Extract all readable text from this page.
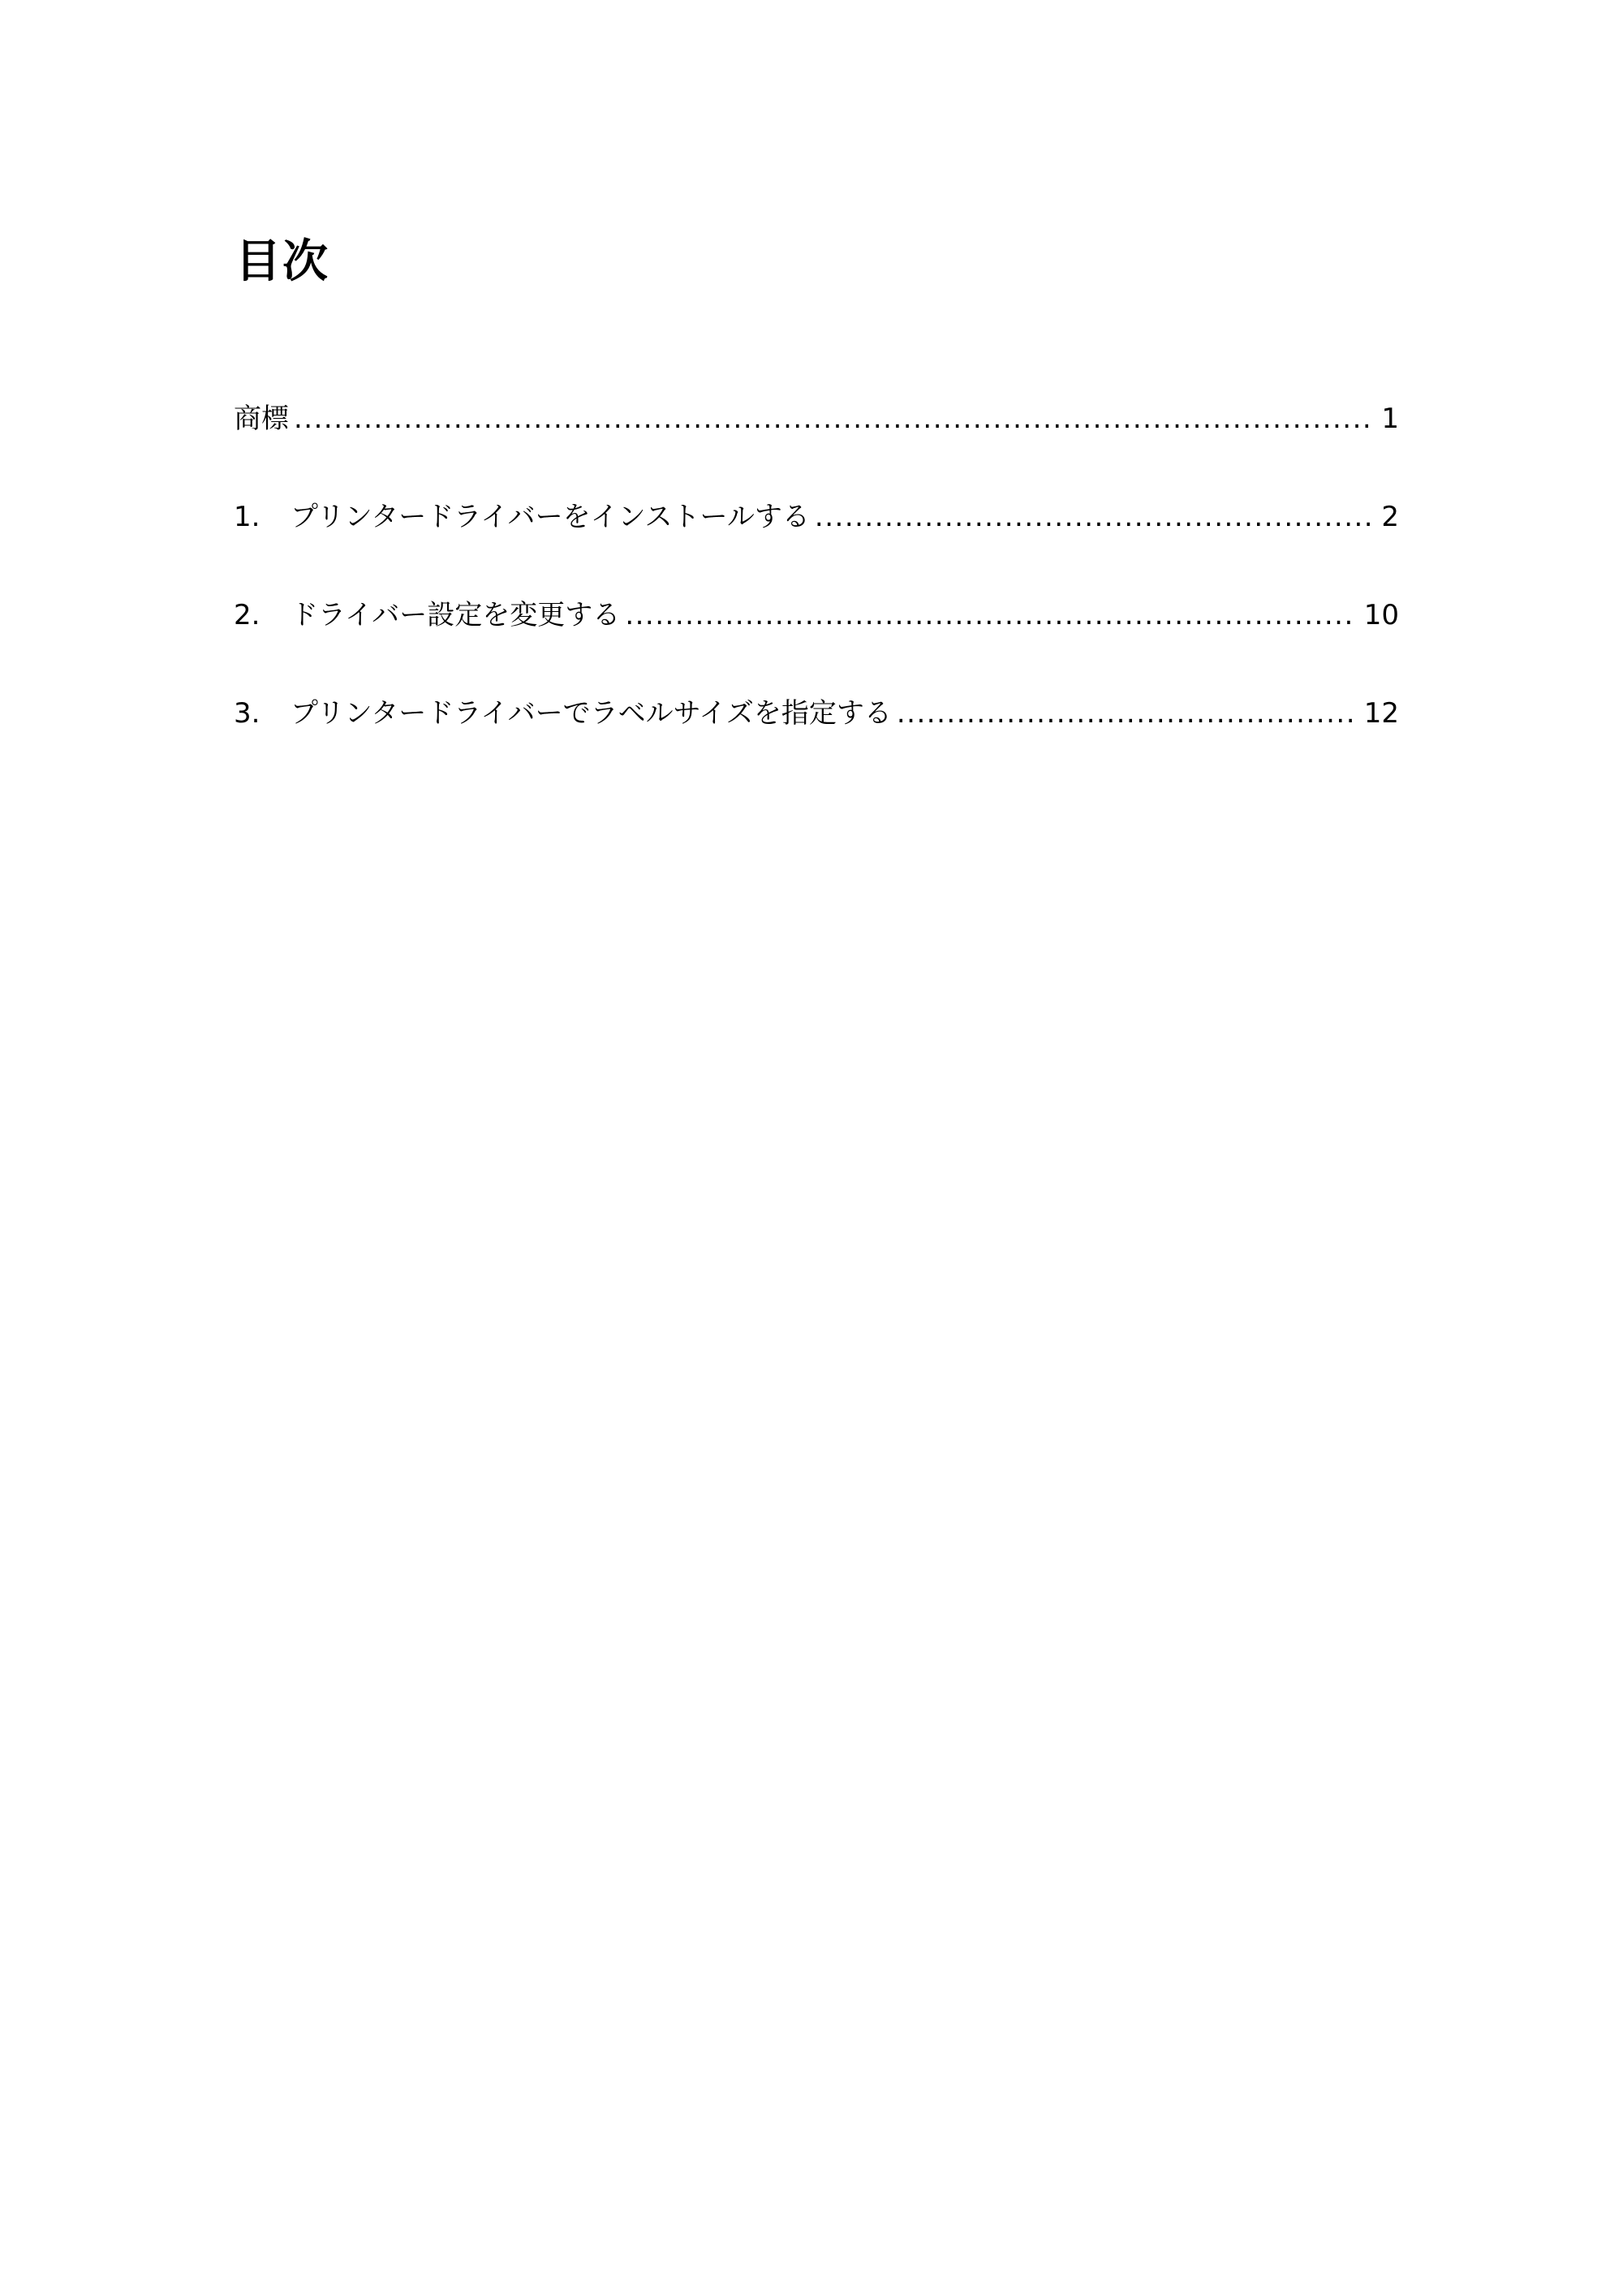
目次
商標 .....	1
1.	プリンタードライバーをインストールする .....	2
2.	ドライバー設定を変更する .....	10
3.	プリンタードライバーでラベルサイズを指定する .....	12
